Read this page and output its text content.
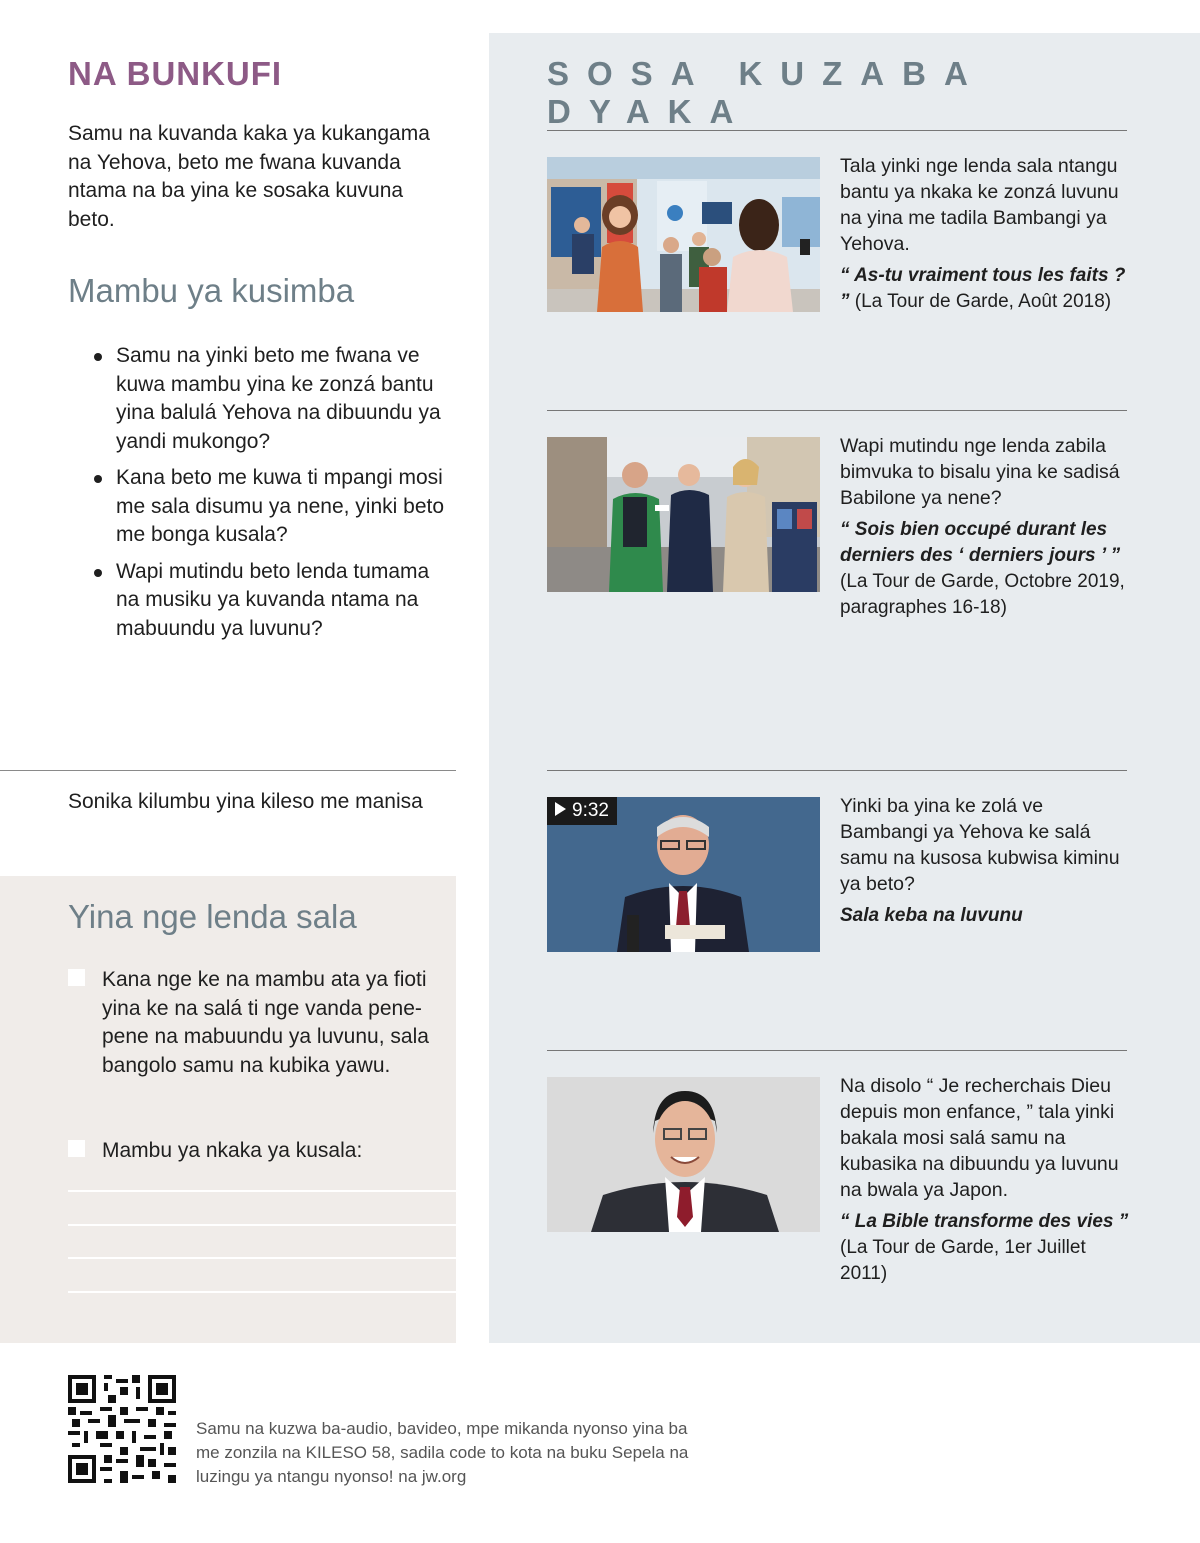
NA BUNKUFI

Samu na kuvanda kaka ya kukangama na Yehova, beto me fwana kuvanda ntama na ba yina ke sosaka kuvuna beto.

Mambu ya kusimba
Samu na yinki beto me fwana ve kuwa mambu yina ke zonzá bantu yina balulá Yehova na dibuundu ya yandi mukongo?
Kana beto me kuwa ti mpangi mosi me sala disumu ya nene, yinki beto me bonga kusala?
Wapi mutindu beto lenda tumama na musiku ya kuvanda ntama na mabuundu ya luvunu?

Sonika kilumbu yina kileso me manisa

Yina nge lenda sala

Kana nge ke na mambu ata ya fioti yina ke na salá ti nge vanda pene-pene na mabuundu ya luvunu, sala bangolo samu na kubika yawu.

Mambu ya nkaka ya kusala:

SOSA KUZABA DYAKA

Tala yinki nge lenda sala ntangu bantu ya nkaka ke zonzá luvunu na yina me tadila Bambangi ya Yehova.

“ As-tu vraiment tous les faits ? ” (La Tour de Garde, Août 2018)

Wapi mutindu nge lenda zabila bimvuka to bisalu yina ke sadisá Babilone ya nene?

“ Sois bien occupé durant les derniers des ‘ derniers jours ’ ” (La Tour de Garde, Octobre 2019, paragraphes 16-18)

9:32	Yinki ba yina ke zolá ve Bambangi ya Yehova ke salá samu na kusosa kubwisa kiminu ya beto?

Sala keba na luvunu

Na disolo “ Je recherchais Dieu depuis mon enfance, ” tala yinki bakala mosi salá samu na kubasika na dibuundu ya luvunu na bwala ya Japon.

“ La Bible transforme des vies ” (La Tour de Garde, 1er Juillet 2011)

Samu na kuzwa ba-audio, bavideo, mpe mikanda nyonso yina ba me zonzila na KILESO 58, sadila code to kota na buku Sepela na luzingu ya ntangu nyonso! na jw.org
